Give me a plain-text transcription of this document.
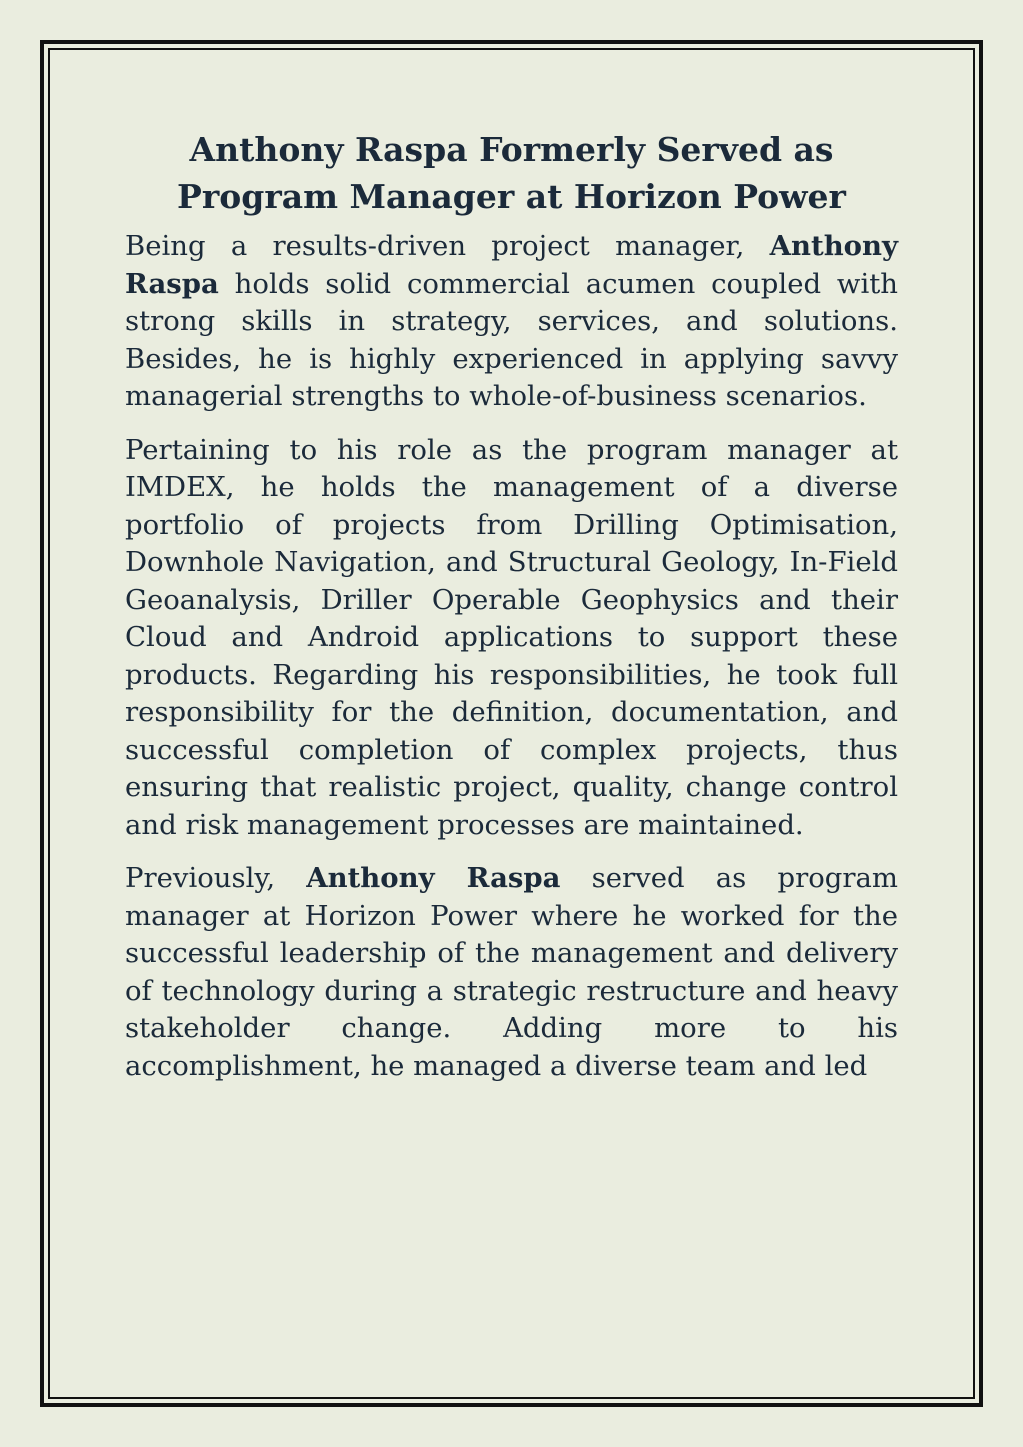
Anthony Raspa Formerly Served as Program Manager at Horizon Power

Being a results-driven project manager, Anthony Raspa holds solid commercial acumen coupled with strong skills in strategy, services, and solutions. Besides, he is highly experienced in applying savvy managerial strengths to whole-of-business scenarios.

Pertaining to his role as the program manager at IMDEX, he holds the management of a diverse portfolio of projects from Drilling Optimisation, Downhole Navigation, and Structural Geology, In-Field Geoanalysis, Driller Operable Geophysics and their Cloud and Android applications to support these products. Regarding his responsibilities, he took full responsibility for the definition, documentation, and successful completion of complex projects, thus ensuring that realistic project, quality, change control and risk management processes are maintained.

Previously, Anthony Raspa served as program manager at Horizon Power where he worked for the successful leadership of the management and delivery of technology during a strategic restructure and heavy stakeholder change. Adding more to his accomplishment, he managed a diverse team and led
